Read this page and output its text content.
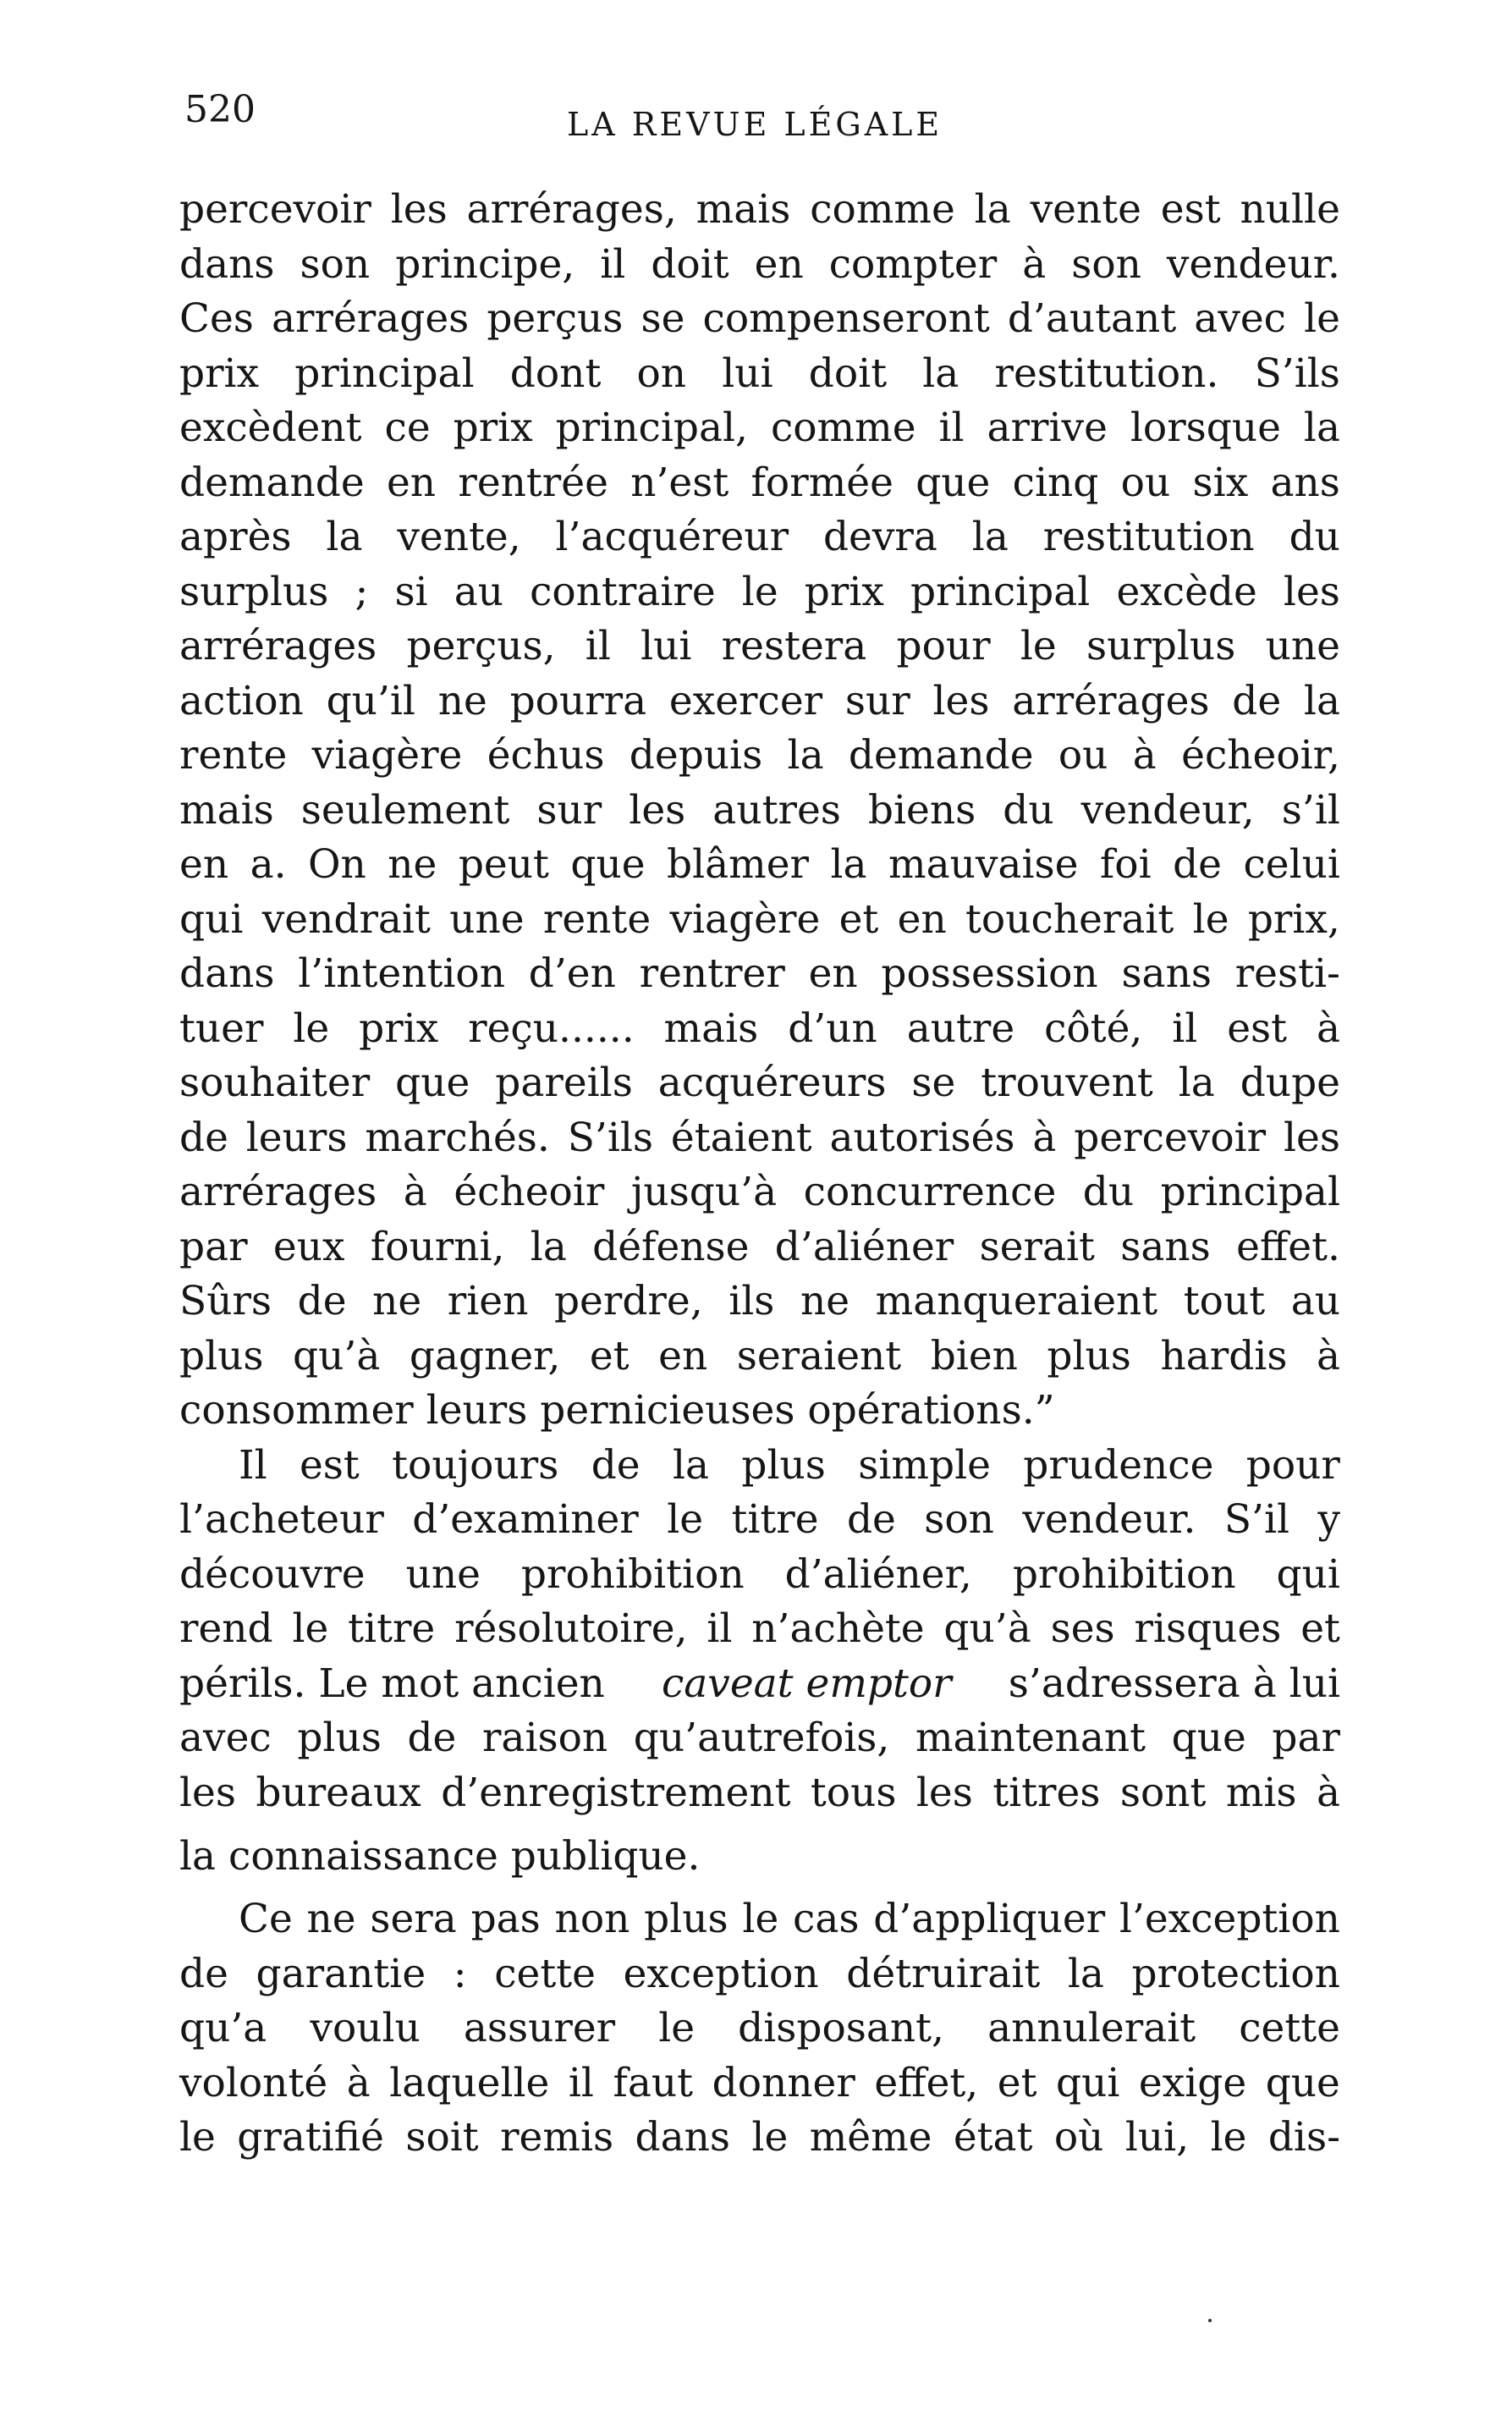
520	LA REVUE LÉGALE
percevoir les arrérages, mais comme la vente est nulle
dans son principe, il doit en compter à son vendeur.
Ces arrérages perçus se compenseront d’autant avec le
prix principal dont on lui doit la restitution. S’ils
excèdent ce prix principal, comme il arrive lorsque la
demande en rentrée n’est formée que cinq ou six ans
après la vente, l’acquéreur devra la restitution du
surplus ; si au contraire le prix principal excède les
arrérages perçus, il lui restera pour le surplus une
action qu’il ne pourra exercer sur les arrérages de la
rente viagère échus depuis la demande ou à écheoir,
mais seulement sur les autres biens du vendeur, s’il
en a. On ne peut que blâmer la mauvaise foi de celui
qui vendrait une rente viagère et en toucherait le prix,
dans l’intention d’en rentrer en possession sans resti-
tuer le prix reçu...... mais d’un autre côté, il est à
souhaiter que pareils acquéreurs se trouvent la dupe
de leurs marchés. S’ils étaient autorisés à percevoir les
arrérages à écheoir jusqu’à concurrence du principal
par eux fourni, la défense d’aliéner serait sans effet.
Sûrs de ne rien perdre, ils ne manqueraient tout au
plus qu’à gagner, et en seraient bien plus hardis à
consommer leurs pernicieuses opérations.”
Il est toujours de la plus simple prudence pour
l’acheteur d’examiner le titre de son vendeur. S’il y
découvre une prohibition d’aliéner, prohibition qui
rend le titre résolutoire, il n’achète qu’à ses risques et
périls. Le mot ancien caveat emptor s’adressera à lui
avec plus de raison qu’autrefois, maintenant que par
les bureaux d’enregistrement tous les titres sont mis à
la connaissance publique.
Ce ne sera pas non plus le cas d’appliquer l’exception
de garantie : cette exception détruirait la protection
qu’a voulu assurer le disposant, annulerait cette
volonté à laquelle il faut donner effet, et qui exige que
le gratifié soit remis dans le même état où lui, le dis-
